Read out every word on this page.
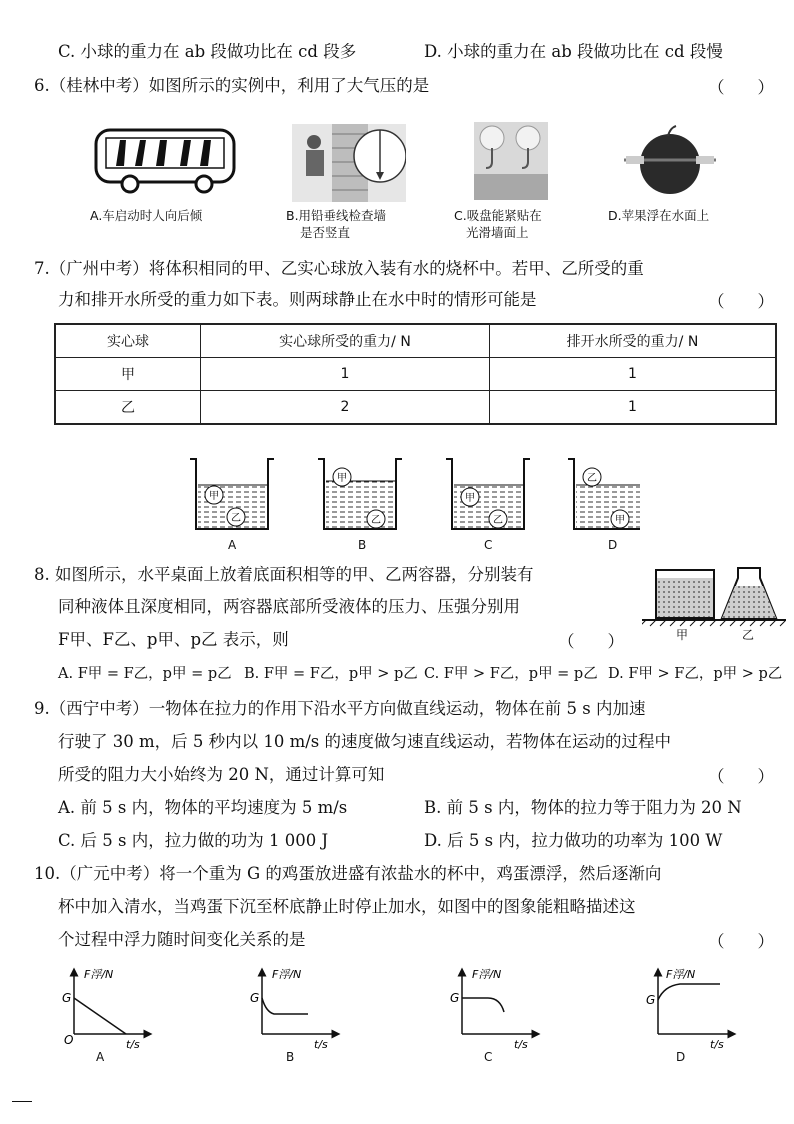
C. 小球的重力在 ab 段做功比在 cd 段多	D. 小球的重力在 ab 段做功比在 cd 段慢
6.（桂林中考）如图所示的实例中，利用了大气压的是	（　　）
A.车启动时人向后倾	B.用铅垂线检查墙
是否竖直
C.吸盘能紧贴在
光滑墙面上
D.苹果浮在水面上
7.（广州中考）将体积相同的甲、乙实心球放入装有水的烧杯中。若甲、乙所受的重
力和排开水所受的重力如下表。则两球静止在水中时的情形可能是	（　　）
实心球	实心球所受的重力/ N	排开水所受的重力/ N
甲	1	1
乙	2	1
甲
乙
甲
乙
甲
乙
乙
甲
A	B	C	D
8. 如图所示，水平桌面上放着底面积相等的甲、乙两容器，分别装有
同种液体且深度相同，两容器底部所受液体的压力、压强分别用
F甲、F乙、p甲、p乙 表示，则	（　　）	甲	乙
A. F甲 = F乙，p甲 = p乙 B. F甲 = F乙，p甲 > p乙 C. F甲 > F乙，p甲 = p乙 D. F甲 > F乙，p甲 > p乙
9.（西宁中考）一物体在拉力的作用下沿水平方向做直线运动，物体在前 5 s 内加速
行驶了 30 m，后 5 秒内以 10 m/s 的速度做匀速直线运动，若物体在运动的过程中
所受的阻力大小始终为 20 N，通过计算可知	（　　）
A. 前 5 s 内，物体的平均速度为 5 m/s	B. 前 5 s 内，物体的拉力等于阻力为 20 N
C. 后 5 s 内，拉力做的功为 1 000 J	D. 后 5 s 内，拉力做功的功率为 100 W
10.（广元中考）将一个重为 G 的鸡蛋放进盛有浓盐水的杯中，鸡蛋漂浮，然后逐渐向
杯中加入清水，当鸡蛋下沉至杯底静止时停止加水，如图中的图象能粗略描述这
个过程中浮力随时间变化关系的是	（　　）
F浮/N
G
O	t/s
F浮/N
G
t/s
F浮/N
G
t/s
F浮/N
G
t/s
A	B	C	D
